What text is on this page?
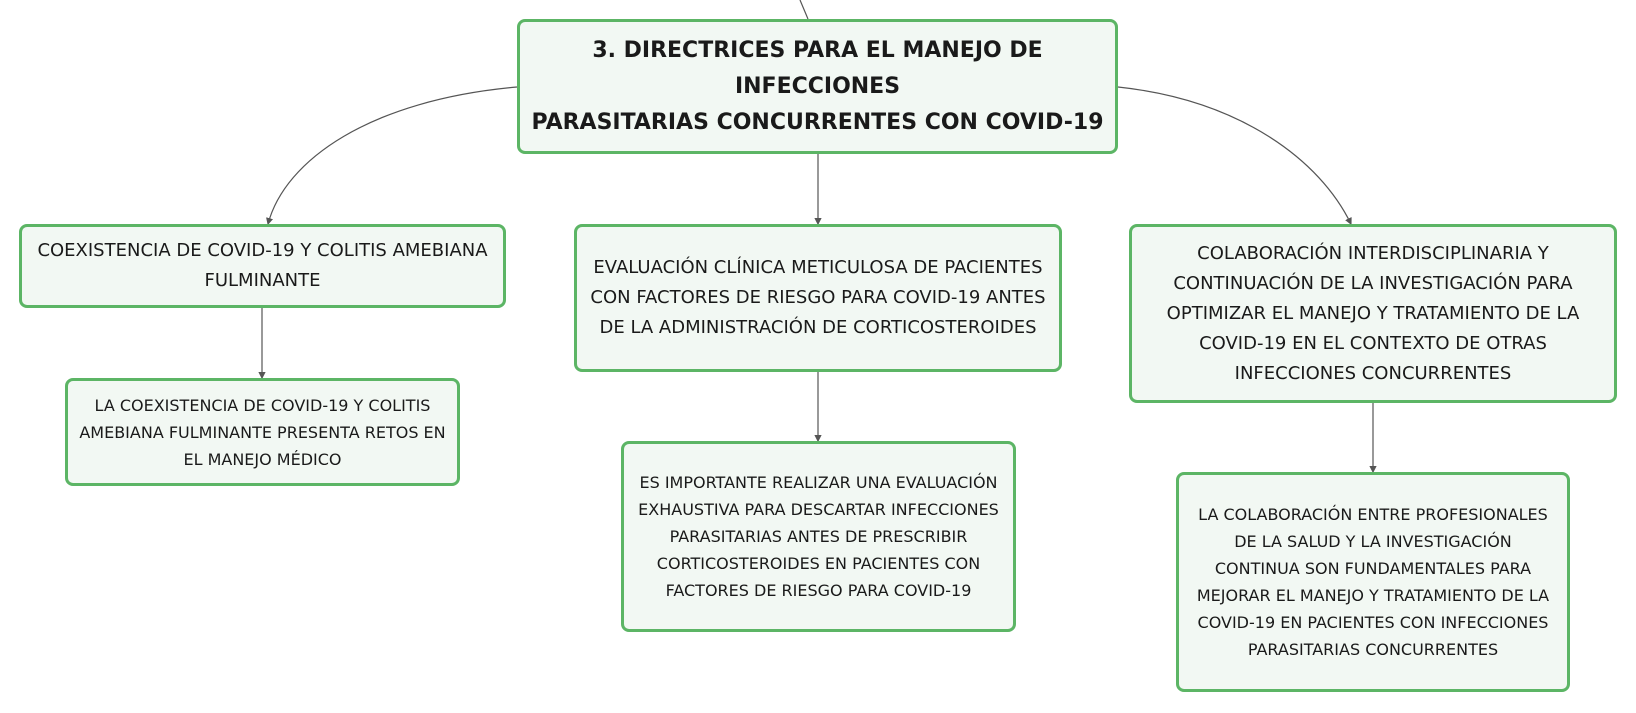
3. DIRECTRICES PARA EL MANEJO DE INFECCIONES
PARASITARIAS CONCURRENTES CON COVID-19
COEXISTENCIA DE COVID-19 Y COLITIS AMEBIANA
FULMINANTE
EVALUACIÓN CLÍNICA METICULOSA DE PACIENTES
CON FACTORES DE RIESGO PARA COVID-19 ANTES
DE LA ADMINISTRACIÓN DE CORTICOSTEROIDES
COLABORACIÓN INTERDISCIPLINARIA Y
CONTINUACIÓN DE LA INVESTIGACIÓN PARA
OPTIMIZAR EL MANEJO Y TRATAMIENTO DE LA
COVID-19 EN EL CONTEXTO DE OTRAS
INFECCIONES CONCURRENTES
LA COEXISTENCIA DE COVID-19 Y COLITIS
AMEBIANA FULMINANTE PRESENTA RETOS EN
EL MANEJO MÉDICO
ES IMPORTANTE REALIZAR UNA EVALUACIÓN
EXHAUSTIVA PARA DESCARTAR INFECCIONES
PARASITARIAS ANTES DE PRESCRIBIR
CORTICOSTEROIDES EN PACIENTES CON
FACTORES DE RIESGO PARA COVID-19
LA COLABORACIÓN ENTRE PROFESIONALES
DE LA SALUD Y LA INVESTIGACIÓN
CONTINUA SON FUNDAMENTALES PARA
MEJORAR EL MANEJO Y TRATAMIENTO DE LA
COVID-19 EN PACIENTES CON INFECCIONES
PARASITARIAS CONCURRENTES
